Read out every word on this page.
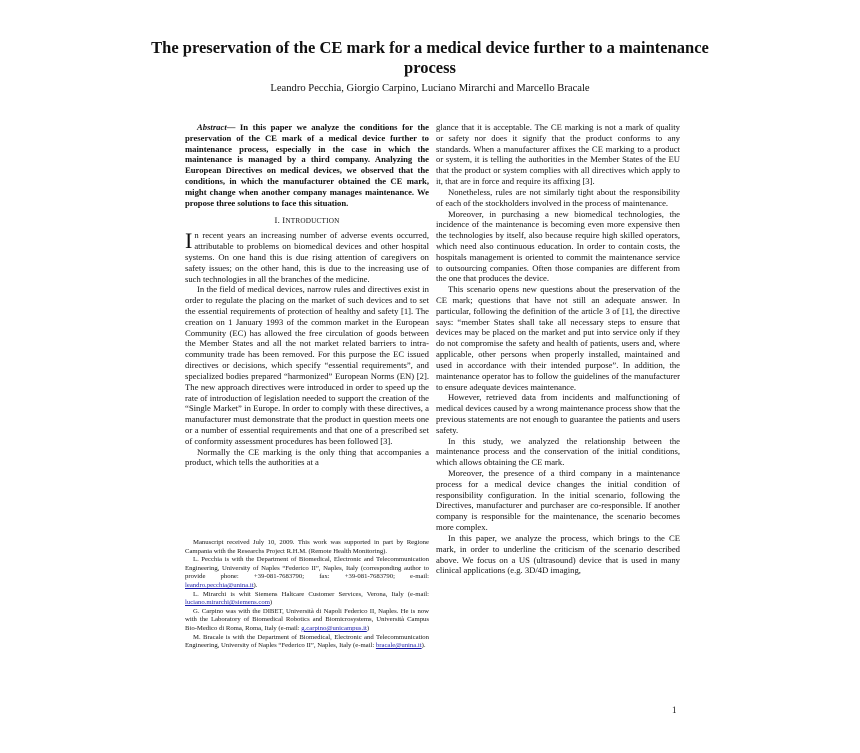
The preservation of the CE mark for a medical device further to a maintenance process
Leandro Pecchia, Giorgio Carpino, Luciano Mirarchi and Marcello Bracale

Abstract— In this paper we analyze the conditions for the preservation of the CE mark of a medical device further to maintenance process, especially in the case in which the maintenance is managed by a third company. Analyzing the European Directives on medical devices, we observed that the conditions, in which the manufacturer obtained the CE mark, might change when another company manages maintenance. We propose three solutions to face this situation.

I. INTRODUCTION

In recent years an increasing number of adverse events occurred, attributable to problems on biomedical devices and other hospital systems. On one hand this is due rising attention of caregivers on safety issues; on the other hand, this is due to the increasing use of such technologies in all the branches of the medicine.

In the field of medical devices, narrow rules and directives exist in order to regulate the placing on the market of such devices and to set the essential requirements of protection of healthy and safety [1]. The creation on 1 January 1993 of the common market in the European Community (EC) has allowed the free circulation of goods between the Member States and all the not market related barriers to intra-community trade has been removed. For this purpose the EC issued directives or decisions, which specify “essential requirements”, and specialized bodies prepared “harmonized” European Norms (EN) [2]. The new approach directives were introduced in order to speed up the rate of introduction of legislation needed to support the creation of the “Single Market” in Europe. In order to comply with these directives, a manufacturer must demonstrate that the product in question meets one or a number of essential requirements and that one of a prescribed set of conformity assessment procedures has been followed [3].

Normally the CE marking is the only thing that accompanies a product, which tells the authorities at a

Manuscript received July 10, 2009. This work was supported in part by Regione Campania with the Researchs Project R.H.M. (Remote Health Monitoring).

L. Pecchia is with the Department of Biomedical, Electronic and Telecommunication Engineering, University of Naples “Federico II”, Naples, Italy (corresponding author to provide phone: +39-081-7683790; fax: +39-081-7683790; e-mail: leandro.pecchia@unina.it).

L. Mirarchi is whit Siemens Haltcare Customer Services, Verona, Italy (e-mail: luciano.mirarchi@siemens.com)

G. Carpino was with the DIBET, Università di Napoli Federico II, Naples. He is now with the Laboratory of Biomedical Robotics and Biomicrosystems, Università Campus Bio-Medico di Roma, Roma, Italy (e-mail: g.carpino@unicampus.it)

M. Bracale is with the Department of Biomedical, Electronic and Telecommunication Engineering, University of Naples “Federico II”, Naples, Italy (e-mail: bracale@unina.it).

glance that it is acceptable. The CE marking is not a mark of quality or safety nor does it signify that the product conforms to any standards. When a manufacturer affixes the CE marking to a product or system, it is telling the authorities in the Member States of the EU that the product or system complies with all directives which apply to it, that are in force and require its affixing [3].

Nonetheless, rules are not similarly tight about the responsibility of each of the stockholders involved in the process of maintenance.

Moreover, in purchasing a new biomedical technologies, the incidence of the maintenance is becoming even more expensive then the technologies by itself, also because require high skilled operators, which need also continuous education. In order to contain costs, the hospitals management is oriented to commit the maintenance service to outsourcing companies. Often those companies are different from the one that produces the device.

This scenario opens new questions about the preservation of the CE mark; questions that have not still an adequate answer. In particular, following the definition of the article 3 of [1], the directive says: “member States shall take all necessary steps to ensure that devices may be placed on the market and put into service only if they do not compromise the safety and health of patients, users and, where applicable, other persons when properly installed, maintained and used in accordance with their intended purpose”. In addition, the maintenance operator has to follow the guidelines of the manufacturer to ensure adequate devices maintenance.

However, retrieved data from incidents and malfunctioning of medical devices caused by a wrong maintenance process show that the previous statements are not enough to guarantee the patients and users safety.

In this study, we analyzed the relationship between the maintenance process and the conservation of the initial conditions, which allows obtaining the CE mark.

Moreover, the presence of a third company in a maintenance process for a medical device changes the initial condition of responsibility configuration. In the initial scenario, following the Directives, manufacturer and purchaser are co-responsible. If another company is responsible for the maintenance, the scenario becomes more complex.

In this paper, we analyze the process, which brings to the CE mark, in order to underline the criticism of the scenario described above. We focus on a US (ultrasound) device that is used in many clinical applications (e.g. 3D/4D imaging,

1
